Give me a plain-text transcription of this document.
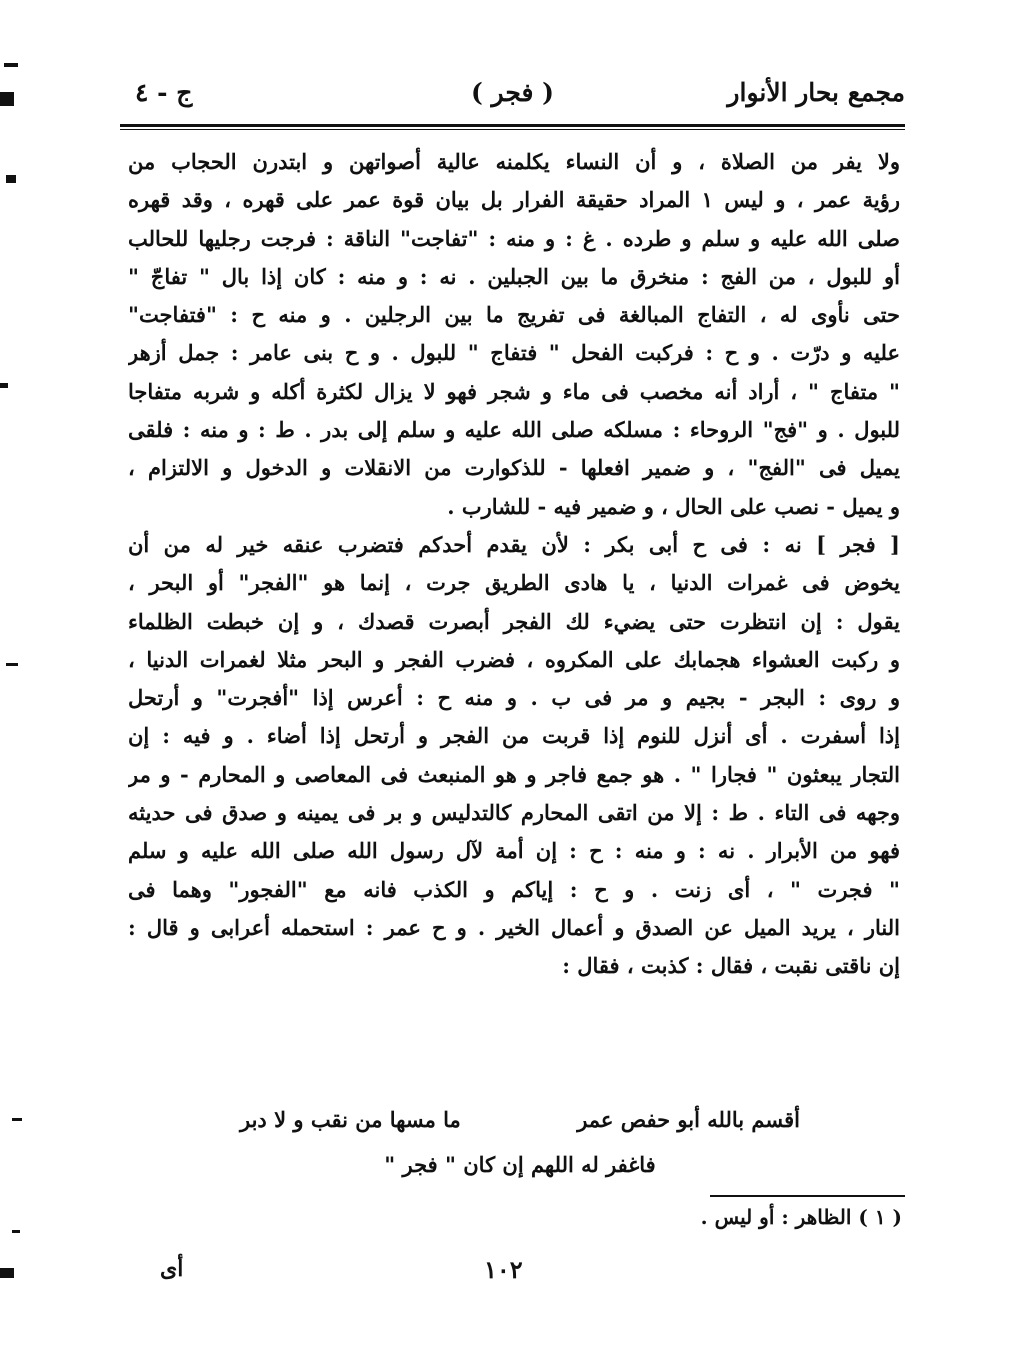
مجمع بحار الأنوار
( فجر )
ج - ٤
ولا يفر من الصلاة ، و أن النساء يكلمنه عالية أصواتهن و ابتدرن الحجاب من
رؤية عمر ، و ليس ١ المراد حقيقة الفرار بل بيان قوة عمر على قهره ، وقد قهره
صلى الله عليه و سلم و طرده . غ : و منه : "تفاجت" الناقة : فرجت رجليها للحالب
أو للبول ، من الفج : منخرق ما بين الجبلين . نه : و منه : كان إذا بال " تفاجّ "
حتى نأوى له ، التفاج المبالغة فى تفريج ما بين الرجلين . و منه ح : "فتفاجت"
عليه و درّت . و ح : فركبت الفحل " فتفاج " للبول . و ح بنى عامر : جمل أزهر
" متفاج " ، أراد أنه مخصب فى ماء و شجر فهو لا يزال لكثرة أكله و شربه متفاجا
للبول . و "فج" الروحاء : مسلكه صلى الله عليه و سلم إلى بدر . ط : و منه : فلقى
يميل فى "الفج" ، و ضمير افعلها - للذكوارت من الانقلات و الدخول و الالتزام ،
و يميل - نصب على الحال ، و ضمير فيه - للشارب .
[ فجر ] نه : فى ح أبى بكر : لأن يقدم أحدكم فتضرب عنقه خير له من أن
يخوض فى غمرات الدنيا ، يا هادى الطريق جرت ، إنما هو "الفجر" أو البحر ،
يقول : إن انتظرت حتى يضيء لك الفجر أبصرت قصدك ، و إن خبطت الظلماء
و ركبت العشواء هجمابك على المكروه ، فضرب الفجر و البحر مثلا لغمرات الدنيا ،
و روى : البجر - بجيم و مر فى ب . و منه ح : أعرس إذا "أفجرت" و أرتحل
إذا أسفرت . أى أنزل للنوم إذا قربت من الفجر و أرتحل إذا أضاء . و فيه : إن
التجار يبعثون " فجارا " . هو جمع فاجر و هو المنبعث فى المعاصى و المحارم - و مر
وجهه فى التاء . ط : إلا من اتقى المحارم كالتدليس و بر فى يمينه و صدق فى حديثه
فهو من الأبرار . نه : و منه : ح : إن أمة لآل رسول الله صلى الله عليه و سلم
" فجرت " ، أى زنت . و ح : إياكم و الكذب فانه مع "الفجور" وهما فى
النار ، يريد الميل عن الصدق و أعمال الخير . و ح عمر : استحمله أعرابى و قال :
إن ناقتى نقبت ، فقال : كذبت ، فقال :
أقسم بالله أبو حفص عمر
ما مسها من نقب و لا دبر
فاغفر له اللهم إن كان " فجر "
( ١ ) الظاهر : أو ليس .
١٠٢
أى
